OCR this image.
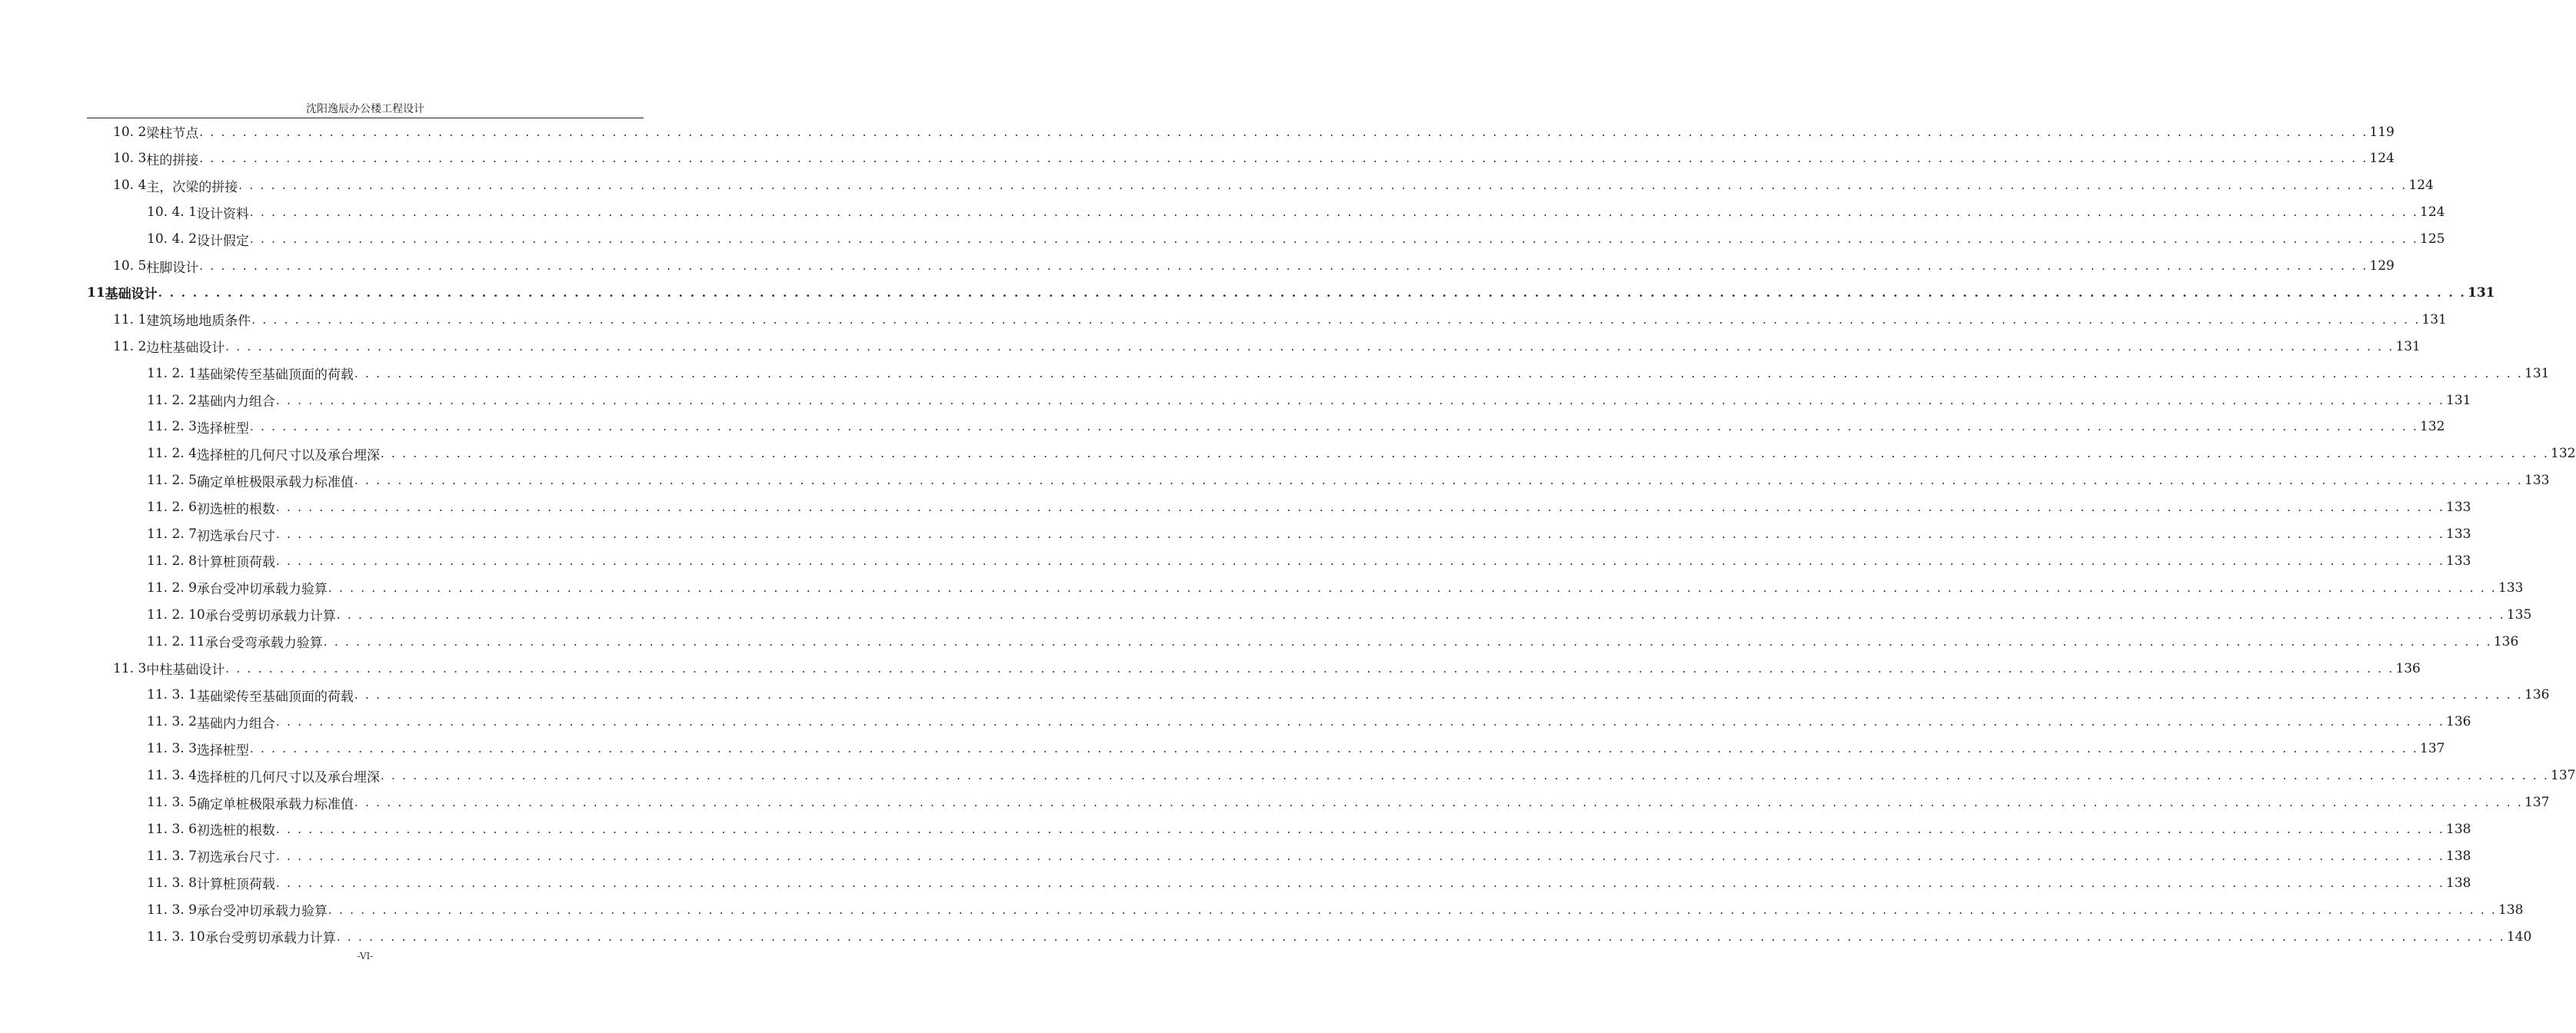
沈阳逸辰办公楼工程设计
10. 2 梁柱节点 . . . . . . . . . . . . . . . . . . . . . . . . . . . . . . . . . . . . . . . . . . . . . . . . . . . . . . . . . . . . . . . . . . . . . . . . . . . . . . . . . . . . . . . . . . . . . . . . . . . . . . . . . . . . . . . . . . . . . . . . . . . . . . . . . . . . . . . . . . . . . . . . . . . . . . . . . . . . . . . . . . . . . . . . . . . . . . . . . . . . . . . . . . . . . . . . . . . . . . . . 119
10. 3 柱的拼接 . . . . . . . . . . . . . . . . . . . . . . . . . . . . . . . . . . . . . . . . . . . . . . . . . . . . . . . . . . . . . . . . . . . . . . . . . . . . . . . . . . . . . . . . . . . . . . . . . . . . . . . . . . . . . . . . . . . . . . . . . . . . . . . . . . . . . . . . . . . . . . . . . . . . . . . . . . . . . . . . . . . . . . . . . . . . . . . . . . . . . . . . . . . . . . . . . . . . . . . . 124
10. 4 主，次梁的拼接 . . . . . . . . . . . . . . . . . . . . . . . . . . . . . . . . . . . . . . . . . . . . . . . . . . . . . . . . . . . . . . . . . . . . . . . . . . . . . . . . . . . . . . . . . . . . . . . . . . . . . . . . . . . . . . . . . . . . . . . . . . . . . . . . . . . . . . . . . . . . . . . . . . . . . . . . . . . . . . . . . . . . . . . . . . . . . . . . . . . . . . . . . . . . . . . . . . . . . . . . 124
10. 4. 1 设计资料 . . . . . . . . . . . . . . . . . . . . . . . . . . . . . . . . . . . . . . . . . . . . . . . . . . . . . . . . . . . . . . . . . . . . . . . . . . . . . . . . . . . . . . . . . . . . . . . . . . . . . . . . . . . . . . . . . . . . . . . . . . . . . . . . . . . . . . . . . . . . . . . . . . . . . . . . . . . . . . . . . . . . . . . . . . . . . . . . . . . . . . . . . . . . . . . . . . . . . . . . 124
10. 4. 2 设计假定 . . . . . . . . . . . . . . . . . . . . . . . . . . . . . . . . . . . . . . . . . . . . . . . . . . . . . . . . . . . . . . . . . . . . . . . . . . . . . . . . . . . . . . . . . . . . . . . . . . . . . . . . . . . . . . . . . . . . . . . . . . . . . . . . . . . . . . . . . . . . . . . . . . . . . . . . . . . . . . . . . . . . . . . . . . . . . . . . . . . . . . . . . . . . . . . . . . . . . . . . 125
10. 5 柱脚设计 . . . . . . . . . . . . . . . . . . . . . . . . . . . . . . . . . . . . . . . . . . . . . . . . . . . . . . . . . . . . . . . . . . . . . . . . . . . . . . . . . . . . . . . . . . . . . . . . . . . . . . . . . . . . . . . . . . . . . . . . . . . . . . . . . . . . . . . . . . . . . . . . . . . . . . . . . . . . . . . . . . . . . . . . . . . . . . . . . . . . . . . . . . . . . . . . . . . . . . . . 129
11 基础设计 . . . . . . . . . . . . . . . . . . . . . . . . . . . . . . . . . . . . . . . . . . . . . . . . . . . . . . . . . . . . . . . . . . . . . . . . . . . . . . . . . . . . . . . . . . . . . . . . . . . . . . . . . . . . . . . . . . . . . . . . . . . . . . . . . . . . . . . . . . . . . . . . . . . . . . . . . . . . . . . . . . . . . . . . . . . . . . . . . . . . . . . . . . . . . . . . . . . . . . . . 131
11. 1 建筑场地地质条件 . . . . . . . . . . . . . . . . . . . . . . . . . . . . . . . . . . . . . . . . . . . . . . . . . . . . . . . . . . . . . . . . . . . . . . . . . . . . . . . . . . . . . . . . . . . . . . . . . . . . . . . . . . . . . . . . . . . . . . . . . . . . . . . . . . . . . . . . . . . . . . . . . . . . . . . . . . . . . . . . . . . . . . . . . . . . . . . . . . . . . . . . . . . . . . . . . . . . . . . . 131
11. 2 边柱基础设计 . . . . . . . . . . . . . . . . . . . . . . . . . . . . . . . . . . . . . . . . . . . . . . . . . . . . . . . . . . . . . . . . . . . . . . . . . . . . . . . . . . . . . . . . . . . . . . . . . . . . . . . . . . . . . . . . . . . . . . . . . . . . . . . . . . . . . . . . . . . . . . . . . . . . . . . . . . . . . . . . . . . . . . . . . . . . . . . . . . . . . . . . . . . . . . . . . . . . . . . . 131
11. 2. 1 基础梁传至基础顶面的荷载 . . . . . . . . . . . . . . . . . . . . . . . . . . . . . . . . . . . . . . . . . . . . . . . . . . . . . . . . . . . . . . . . . . . . . . . . . . . . . . . . . . . . . . . . . . . . . . . . . . . . . . . . . . . . . . . . . . . . . . . . . . . . . . . . . . . . . . . . . . . . . . . . . . . . . . . . . . . . . . . . . . . . . . . . . . . . . . . . . . . . . . . . . . . . . . . . . . . . . . . . 131
11. 2. 2 基础内力组合 . . . . . . . . . . . . . . . . . . . . . . . . . . . . . . . . . . . . . . . . . . . . . . . . . . . . . . . . . . . . . . . . . . . . . . . . . . . . . . . . . . . . . . . . . . . . . . . . . . . . . . . . . . . . . . . . . . . . . . . . . . . . . . . . . . . . . . . . . . . . . . . . . . . . . . . . . . . . . . . . . . . . . . . . . . . . . . . . . . . . . . . . . . . . . . . . . . . . . . . . 131
11. 2. 3 选择桩型 . . . . . . . . . . . . . . . . . . . . . . . . . . . . . . . . . . . . . . . . . . . . . . . . . . . . . . . . . . . . . . . . . . . . . . . . . . . . . . . . . . . . . . . . . . . . . . . . . . . . . . . . . . . . . . . . . . . . . . . . . . . . . . . . . . . . . . . . . . . . . . . . . . . . . . . . . . . . . . . . . . . . . . . . . . . . . . . . . . . . . . . . . . . . . . . . . . . . . . . . 132
11. 2. 4 选择桩的几何尺寸以及承台埋深 . . . . . . . . . . . . . . . . . . . . . . . . . . . . . . . . . . . . . . . . . . . . . . . . . . . . . . . . . . . . . . . . . . . . . . . . . . . . . . . . . . . . . . . . . . . . . . . . . . . . . . . . . . . . . . . . . . . . . . . . . . . . . . . . . . . . . . . . . . . . . . . . . . . . . . . . . . . . . . . . . . . . . . . . . . . . . . . . . . . . . . . . . . . . . . . . . . . . . . . . 132
11. 2. 5 确定单桩极限承载力标准值 . . . . . . . . . . . . . . . . . . . . . . . . . . . . . . . . . . . . . . . . . . . . . . . . . . . . . . . . . . . . . . . . . . . . . . . . . . . . . . . . . . . . . . . . . . . . . . . . . . . . . . . . . . . . . . . . . . . . . . . . . . . . . . . . . . . . . . . . . . . . . . . . . . . . . . . . . . . . . . . . . . . . . . . . . . . . . . . . . . . . . . . . . . . . . . . . . . . . . . . . 133
11. 2. 6 初选桩的根数 . . . . . . . . . . . . . . . . . . . . . . . . . . . . . . . . . . . . . . . . . . . . . . . . . . . . . . . . . . . . . . . . . . . . . . . . . . . . . . . . . . . . . . . . . . . . . . . . . . . . . . . . . . . . . . . . . . . . . . . . . . . . . . . . . . . . . . . . . . . . . . . . . . . . . . . . . . . . . . . . . . . . . . . . . . . . . . . . . . . . . . . . . . . . . . . . . . . . . . . . 133
11. 2. 7 初选承台尺寸 . . . . . . . . . . . . . . . . . . . . . . . . . . . . . . . . . . . . . . . . . . . . . . . . . . . . . . . . . . . . . . . . . . . . . . . . . . . . . . . . . . . . . . . . . . . . . . . . . . . . . . . . . . . . . . . . . . . . . . . . . . . . . . . . . . . . . . . . . . . . . . . . . . . . . . . . . . . . . . . . . . . . . . . . . . . . . . . . . . . . . . . . . . . . . . . . . . . . . . . . 133
11. 2. 8 计算桩顶荷载 . . . . . . . . . . . . . . . . . . . . . . . . . . . . . . . . . . . . . . . . . . . . . . . . . . . . . . . . . . . . . . . . . . . . . . . . . . . . . . . . . . . . . . . . . . . . . . . . . . . . . . . . . . . . . . . . . . . . . . . . . . . . . . . . . . . . . . . . . . . . . . . . . . . . . . . . . . . . . . . . . . . . . . . . . . . . . . . . . . . . . . . . . . . . . . . . . . . . . . . . 133
11. 2. 9 承台受冲切承载力验算 . . . . . . . . . . . . . . . . . . . . . . . . . . . . . . . . . . . . . . . . . . . . . . . . . . . . . . . . . . . . . . . . . . . . . . . . . . . . . . . . . . . . . . . . . . . . . . . . . . . . . . . . . . . . . . . . . . . . . . . . . . . . . . . . . . . . . . . . . . . . . . . . . . . . . . . . . . . . . . . . . . . . . . . . . . . . . . . . . . . . . . . . . . . . . . . . . . . . . . . . 133
11. 2. 10 承台受剪切承载力计算 . . . . . . . . . . . . . . . . . . . . . . . . . . . . . . . . . . . . . . . . . . . . . . . . . . . . . . . . . . . . . . . . . . . . . . . . . . . . . . . . . . . . . . . . . . . . . . . . . . . . . . . . . . . . . . . . . . . . . . . . . . . . . . . . . . . . . . . . . . . . . . . . . . . . . . . . . . . . . . . . . . . . . . . . . . . . . . . . . . . . . . . . . . . . . . . . . . . . . . . . 135
11. 2. 11 承台受弯承载力验算 . . . . . . . . . . . . . . . . . . . . . . . . . . . . . . . . . . . . . . . . . . . . . . . . . . . . . . . . . . . . . . . . . . . . . . . . . . . . . . . . . . . . . . . . . . . . . . . . . . . . . . . . . . . . . . . . . . . . . . . . . . . . . . . . . . . . . . . . . . . . . . . . . . . . . . . . . . . . . . . . . . . . . . . . . . . . . . . . . . . . . . . . . . . . . . . . . . . . . . . . 136
11. 3 中柱基础设计 . . . . . . . . . . . . . . . . . . . . . . . . . . . . . . . . . . . . . . . . . . . . . . . . . . . . . . . . . . . . . . . . . . . . . . . . . . . . . . . . . . . . . . . . . . . . . . . . . . . . . . . . . . . . . . . . . . . . . . . . . . . . . . . . . . . . . . . . . . . . . . . . . . . . . . . . . . . . . . . . . . . . . . . . . . . . . . . . . . . . . . . . . . . . . . . . . . . . . . . . 136
11. 3. 1 基础梁传至基础顶面的荷载 . . . . . . . . . . . . . . . . . . . . . . . . . . . . . . . . . . . . . . . . . . . . . . . . . . . . . . . . . . . . . . . . . . . . . . . . . . . . . . . . . . . . . . . . . . . . . . . . . . . . . . . . . . . . . . . . . . . . . . . . . . . . . . . . . . . . . . . . . . . . . . . . . . . . . . . . . . . . . . . . . . . . . . . . . . . . . . . . . . . . . . . . . . . . . . . . . . . . . . . . 136
11. 3. 2 基础内力组合 . . . . . . . . . . . . . . . . . . . . . . . . . . . . . . . . . . . . . . . . . . . . . . . . . . . . . . . . . . . . . . . . . . . . . . . . . . . . . . . . . . . . . . . . . . . . . . . . . . . . . . . . . . . . . . . . . . . . . . . . . . . . . . . . . . . . . . . . . . . . . . . . . . . . . . . . . . . . . . . . . . . . . . . . . . . . . . . . . . . . . . . . . . . . . . . . . . . . . . . . 136
11. 3. 3 选择桩型 . . . . . . . . . . . . . . . . . . . . . . . . . . . . . . . . . . . . . . . . . . . . . . . . . . . . . . . . . . . . . . . . . . . . . . . . . . . . . . . . . . . . . . . . . . . . . . . . . . . . . . . . . . . . . . . . . . . . . . . . . . . . . . . . . . . . . . . . . . . . . . . . . . . . . . . . . . . . . . . . . . . . . . . . . . . . . . . . . . . . . . . . . . . . . . . . . . . . . . . . 137
11. 3. 4 选择桩的几何尺寸以及承台埋深 . . . . . . . . . . . . . . . . . . . . . . . . . . . . . . . . . . . . . . . . . . . . . . . . . . . . . . . . . . . . . . . . . . . . . . . . . . . . . . . . . . . . . . . . . . . . . . . . . . . . . . . . . . . . . . . . . . . . . . . . . . . . . . . . . . . . . . . . . . . . . . . . . . . . . . . . . . . . . . . . . . . . . . . . . . . . . . . . . . . . . . . . . . . . . . . . . . . . . . . . 137
11. 3. 5 确定单桩极限承载力标准值 . . . . . . . . . . . . . . . . . . . . . . . . . . . . . . . . . . . . . . . . . . . . . . . . . . . . . . . . . . . . . . . . . . . . . . . . . . . . . . . . . . . . . . . . . . . . . . . . . . . . . . . . . . . . . . . . . . . . . . . . . . . . . . . . . . . . . . . . . . . . . . . . . . . . . . . . . . . . . . . . . . . . . . . . . . . . . . . . . . . . . . . . . . . . . . . . . . . . . . . . 137
11. 3. 6 初选桩的根数 . . . . . . . . . . . . . . . . . . . . . . . . . . . . . . . . . . . . . . . . . . . . . . . . . . . . . . . . . . . . . . . . . . . . . . . . . . . . . . . . . . . . . . . . . . . . . . . . . . . . . . . . . . . . . . . . . . . . . . . . . . . . . . . . . . . . . . . . . . . . . . . . . . . . . . . . . . . . . . . . . . . . . . . . . . . . . . . . . . . . . . . . . . . . . . . . . . . . . . . . 138
11. 3. 7 初选承台尺寸 . . . . . . . . . . . . . . . . . . . . . . . . . . . . . . . . . . . . . . . . . . . . . . . . . . . . . . . . . . . . . . . . . . . . . . . . . . . . . . . . . . . . . . . . . . . . . . . . . . . . . . . . . . . . . . . . . . . . . . . . . . . . . . . . . . . . . . . . . . . . . . . . . . . . . . . . . . . . . . . . . . . . . . . . . . . . . . . . . . . . . . . . . . . . . . . . . . . . . . . . 138
11. 3. 8 计算桩顶荷载 . . . . . . . . . . . . . . . . . . . . . . . . . . . . . . . . . . . . . . . . . . . . . . . . . . . . . . . . . . . . . . . . . . . . . . . . . . . . . . . . . . . . . . . . . . . . . . . . . . . . . . . . . . . . . . . . . . . . . . . . . . . . . . . . . . . . . . . . . . . . . . . . . . . . . . . . . . . . . . . . . . . . . . . . . . . . . . . . . . . . . . . . . . . . . . . . . . . . . . . . 138
11. 3. 9 承台受冲切承载力验算 . . . . . . . . . . . . . . . . . . . . . . . . . . . . . . . . . . . . . . . . . . . . . . . . . . . . . . . . . . . . . . . . . . . . . . . . . . . . . . . . . . . . . . . . . . . . . . . . . . . . . . . . . . . . . . . . . . . . . . . . . . . . . . . . . . . . . . . . . . . . . . . . . . . . . . . . . . . . . . . . . . . . . . . . . . . . . . . . . . . . . . . . . . . . . . . . . . . . . . . . 138
11. 3. 10 承台受剪切承载力计算 . . . . . . . . . . . . . . . . . . . . . . . . . . . . . . . . . . . . . . . . . . . . . . . . . . . . . . . . . . . . . . . . . . . . . . . . . . . . . . . . . . . . . . . . . . . . . . . . . . . . . . . . . . . . . . . . . . . . . . . . . . . . . . . . . . . . . . . . . . . . . . . . . . . . . . . . . . . . . . . . . . . . . . . . . . . . . . . . . . . . . . . . . . . . . . . . . . . . . . . . 140
-VI-
